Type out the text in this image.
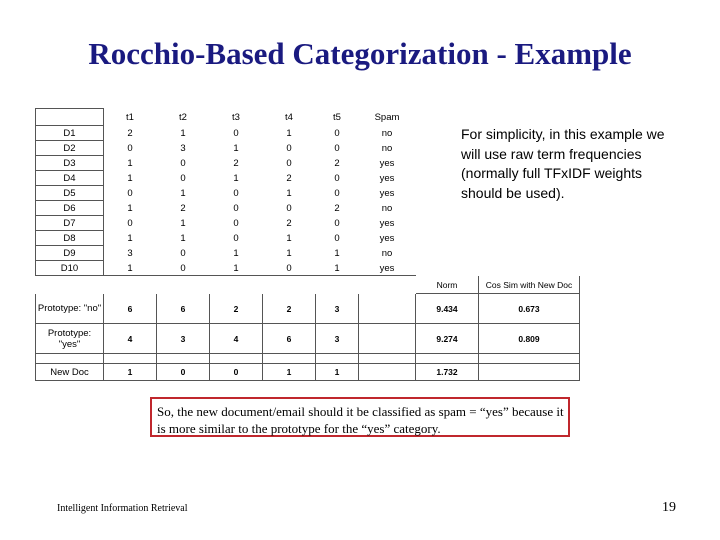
Rocchio-Based Categorization - Example
	t1	t2	t3	t4	t5	Spam		
D1	2	1	0	1	0	no		
D2	0	3	1	0	0	no		
D3	1	0	2	0	2	yes		
D4	1	0	1	2	0	yes		
D5	0	1	0	1	0	yes		
D6	1	2	0	0	2	no		
D7	0	1	0	2	0	yes		
D8	1	1	0	1	0	yes		
D9	3	0	1	1	1	no		
D10	1	0	1	0	1	yes		
							Norm	Cos Sim with New Doc
Prototype: "no"	6	6	2	2	3		9.434	0.673
Prototype: "yes"	4	3	4	6	3		9.274	0.809

New Doc	1	0	0	1	1		1.732	
For simplicity, in this example we will use raw term frequencies (normally full TFxIDF weights should be used).
So, the new document/email should it be classified as spam = “yes” because it is more similar to the prototype for the “yes” category.
Intelligent Information Retrieval	19
